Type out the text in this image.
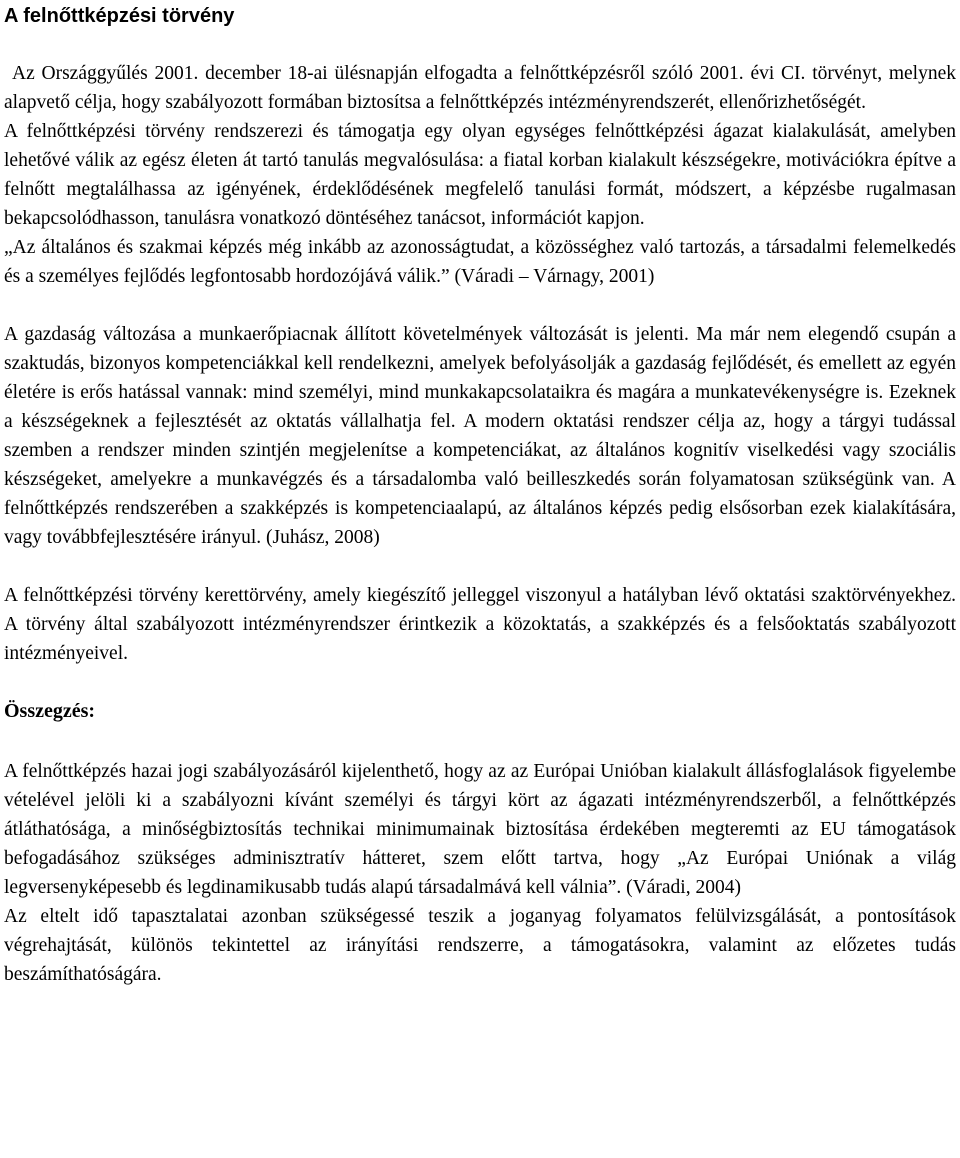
A felnőttképzési törvény

Az Országgyűlés 2001. december 18-ai ülésnapján elfogadta a felnőttképzésről szóló 2001. évi CI. törvényt, melynek alapvető célja, hogy szabályozott formában biztosítsa a felnőttképzés intézményrendszerét, ellenőrizhetőségét.

A felnőttképzési törvény rendszerezi és támogatja egy olyan egységes felnőttképzési ágazat kialakulását, amelyben lehetővé válik az egész életen át tartó tanulás megvalósulása: a fiatal korban kialakult készségekre, motivációkra építve a felnőtt megtalálhassa az igényének, érdeklődésének megfelelő tanulási formát, módszert, a képzésbe rugalmasan bekapcsolódhasson, tanulásra vonatkozó döntéséhez tanácsot, információt kapjon.

„Az általános és szakmai képzés még inkább az azonosságtudat, a közösséghez való tartozás, a társadalmi felemelkedés és a személyes fejlődés legfontosabb hordozójává válik.” (Váradi – Várnagy, 2001)

A gazdaság változása a munkaerőpiacnak állított követelmények változását is jelenti. Ma már nem elegendő csupán a szaktudás, bizonyos kompetenciákkal kell rendelkezni, amelyek befolyásolják a gazdaság fejlődését, és emellett az egyén életére is erős hatással vannak: mind személyi, mind munkakapcsolataikra és magára a munkatevékenységre is. Ezeknek a készségeknek a fejlesztését az oktatás vállalhatja fel. A modern oktatási rendszer célja az, hogy a tárgyi tudással szemben a rendszer minden szintjén megjelenítse a kompetenciákat, az általános kognitív viselkedési vagy szociális készségeket, amelyekre a munkavégzés és a társadalomba való beilleszkedés során folyamatosan szükségünk van. A felnőttképzés rendszerében a szakképzés is kompetenciaalapú, az általános képzés pedig elsősorban ezek kialakítására, vagy továbbfejlesztésére irányul. (Juhász, 2008)

A felnőttképzési törvény kerettörvény, amely kiegészítő jelleggel viszonyul a hatályban lévő oktatási szaktörvényekhez. A törvény által szabályozott intézményrendszer érintkezik a közoktatás, a szakképzés és a felsőoktatás szabályozott intézményeivel.

Összegzés:

A felnőttképzés hazai jogi szabályozásáról kijelenthető, hogy az az Európai Unióban kialakult állásfoglalások figyelembe vételével jelöli ki a szabályozni kívánt személyi és tárgyi kört az ágazati intézményrendszerből, a felnőttképzés átláthatósága, a minőségbiztosítás technikai minimumainak biztosítása érdekében megteremti az EU támogatások befogadásához szükséges adminisztratív hátteret, szem előtt tartva, hogy „Az Európai Uniónak a világ legversenyképesebb és legdinamikusabb tudás alapú társadalmává kell válnia”. (Váradi, 2004)

Az eltelt idő tapasztalatai azonban szükségessé teszik a joganyag folyamatos felülvizsgálását, a pontosítások végrehajtását, különös tekintettel az irányítási rendszerre, a támogatásokra, valamint az előzetes tudás beszámíthatóságára.
